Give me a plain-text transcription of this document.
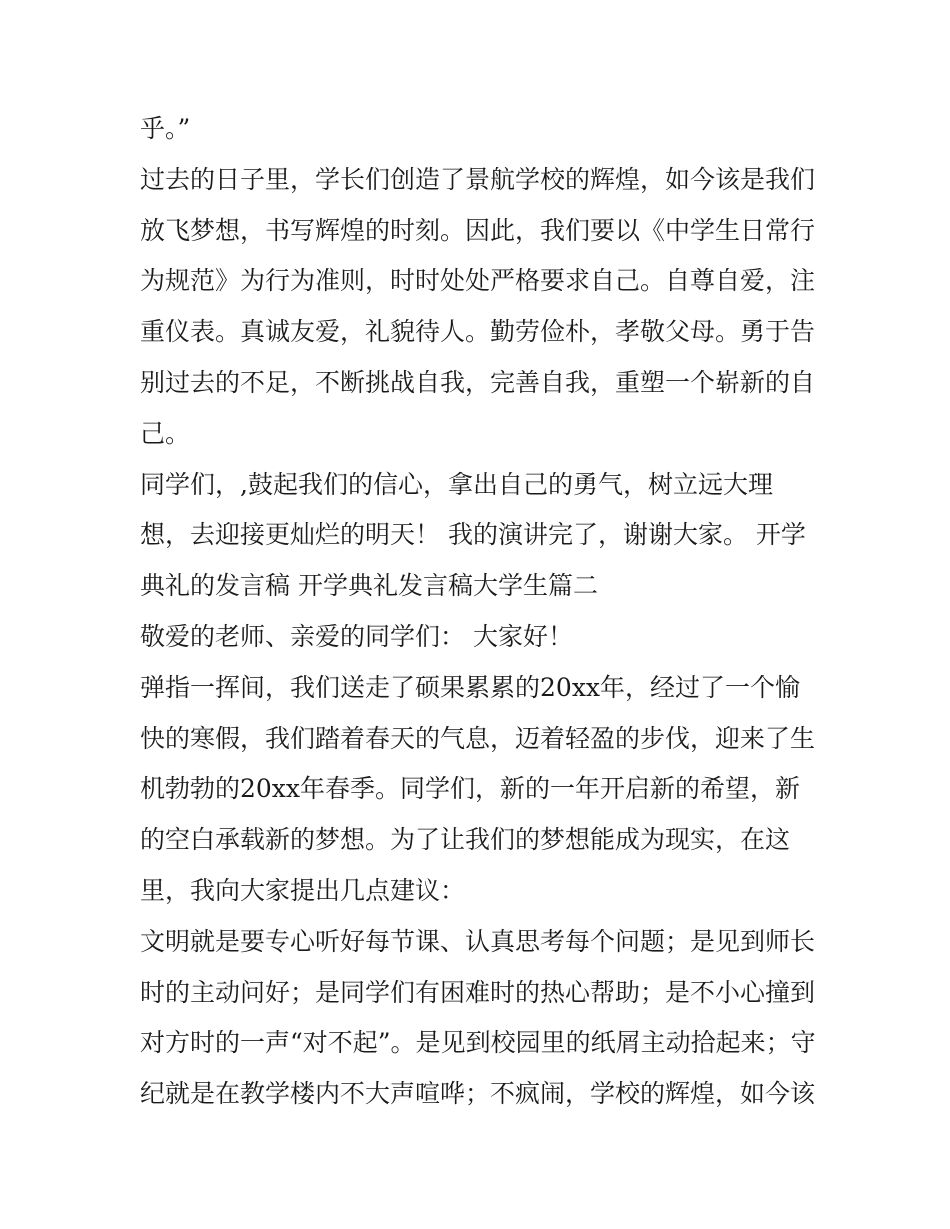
乎。”
过去的日子里，学长们创造了景航学校的辉煌，如今该是我们
放飞梦想，书写辉煌的时刻。因此，我们要以《中学生日常行
为规范》为行为准则，时时处处严格要求自己。自尊自爱，注
重仪表。真诚友爱，礼貌待人。勤劳俭朴，孝敬父母。勇于告
别过去的不足，不断挑战自我，完善自我，重塑一个崭新的自
己。
同学们，,鼓起我们的信心，拿出自己的勇气，树立远大理
想，去迎接更灿烂的明天！ 我的演讲完了，谢谢大家。 开学
典礼的发言稿 开学典礼发言稿大学生篇二
敬爱的老师、亲爱的同学们： 大家好！
弹指一挥间，我们送走了硕果累累的20xx年，经过了一个愉
快的寒假，我们踏着春天的气息，迈着轻盈的步伐，迎来了生
机勃勃的20xx年春季。同学们，新的一年开启新的希望，新
的空白承载新的梦想。为了让我们的梦想能成为现实，在这
里，我向大家提出几点建议：
文明就是要专心听好每节课、认真思考每个问题；是见到师长
时的主动问好；是同学们有困难时的热心帮助；是不小心撞到
对方时的一声“对不起”。是见到校园里的纸屑主动拾起来；守
纪就是在教学楼内不大声喧哗；不疯闹，学校的辉煌，如今该
